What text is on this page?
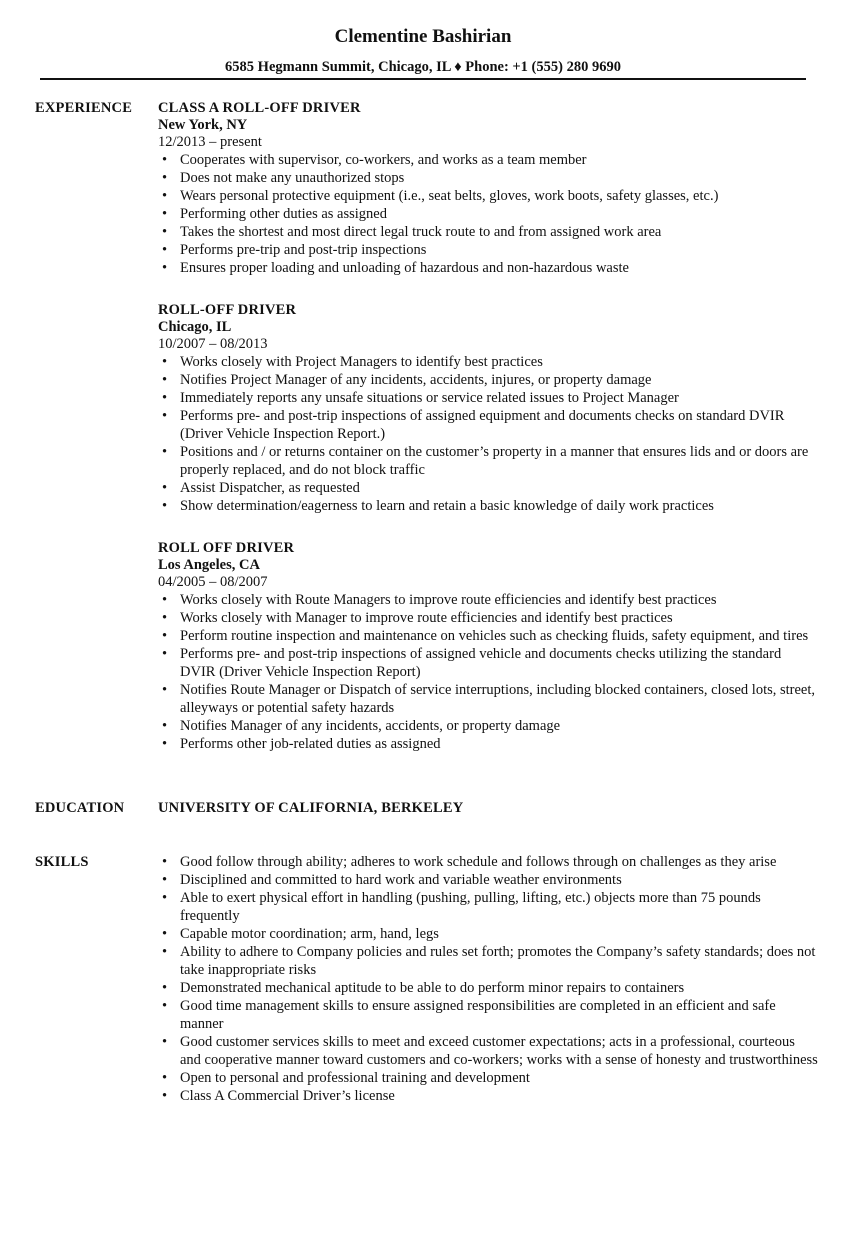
Clementine Bashirian
6585 Hegmann Summit, Chicago, IL ♦ Phone: +1 (555) 280 9690
EXPERIENCE CLASS A ROLL-OFF DRIVER
New York, NY
12/2013 – present
• Cooperates with supervisor, co-workers, and works as a team member
• Does not make any unauthorized stops
• Wears personal protective equipment (i.e., seat belts, gloves, work boots, safety glasses, etc.)
• Performing other duties as assigned
• Takes the shortest and most direct legal truck route to and from assigned work area
• Performs pre-trip and post-trip inspections
• Ensures proper loading and unloading of hazardous and non-hazardous waste
ROLL-OFF DRIVER
Chicago, IL
10/2007 – 08/2013
• Works closely with Project Managers to identify best practices
• Notifies Project Manager of any incidents, accidents, injures, or property damage
• Immediately reports any unsafe situations or service related issues to Project Manager
• Performs pre- and post-trip inspections of assigned equipment and documents checks on standard DVIR (Driver Vehicle Inspection Report.)
• Positions and / or returns container on the customer’s property in a manner that ensures lids and or doors are properly replaced, and do not block traffic
• Assist Dispatcher, as requested
• Show determination/eagerness to learn and retain a basic knowledge of daily work practices
ROLL OFF DRIVER
Los Angeles, CA
04/2005 – 08/2007
• Works closely with Route Managers to improve route efficiencies and identify best practices
• Works closely with Manager to improve route efficiencies and identify best practices
• Perform routine inspection and maintenance on vehicles such as checking fluids, safety equipment, and tires
• Performs pre- and post-trip inspections of assigned vehicle and documents checks utilizing the standard DVIR (Driver Vehicle Inspection Report)
• Notifies Route Manager or Dispatch of service interruptions, including blocked containers, closed lots, street, alleyways or potential safety hazards
• Notifies Manager of any incidents, accidents, or property damage
• Performs other job-related duties as assigned
EDUCATION UNIVERSITY OF CALIFORNIA, BERKELEY
SKILLS
•	Good follow through ability; adheres to work schedule and follows through on challenges as they arise
• Disciplined and committed to hard work and variable weather environments
• Able to exert physical effort in handling (pushing, pulling, lifting, etc.) objects more than 75 pounds frequently
• Capable motor coordination; arm, hand, legs
• Ability to adhere to Company policies and rules set forth; promotes the Company’s safety standards; does not take inappropriate risks
• Demonstrated mechanical aptitude to be able to do perform minor repairs to containers
• Good time management skills to ensure assigned responsibilities are completed in an efficient and safe manner
• Good customer services skills to meet and exceed customer expectations; acts in a professional, courteous and cooperative manner toward customers and co-workers; works with a sense of honesty and trustworthiness
• Open to personal and professional training and development
• Class A Commercial Driver’s license
